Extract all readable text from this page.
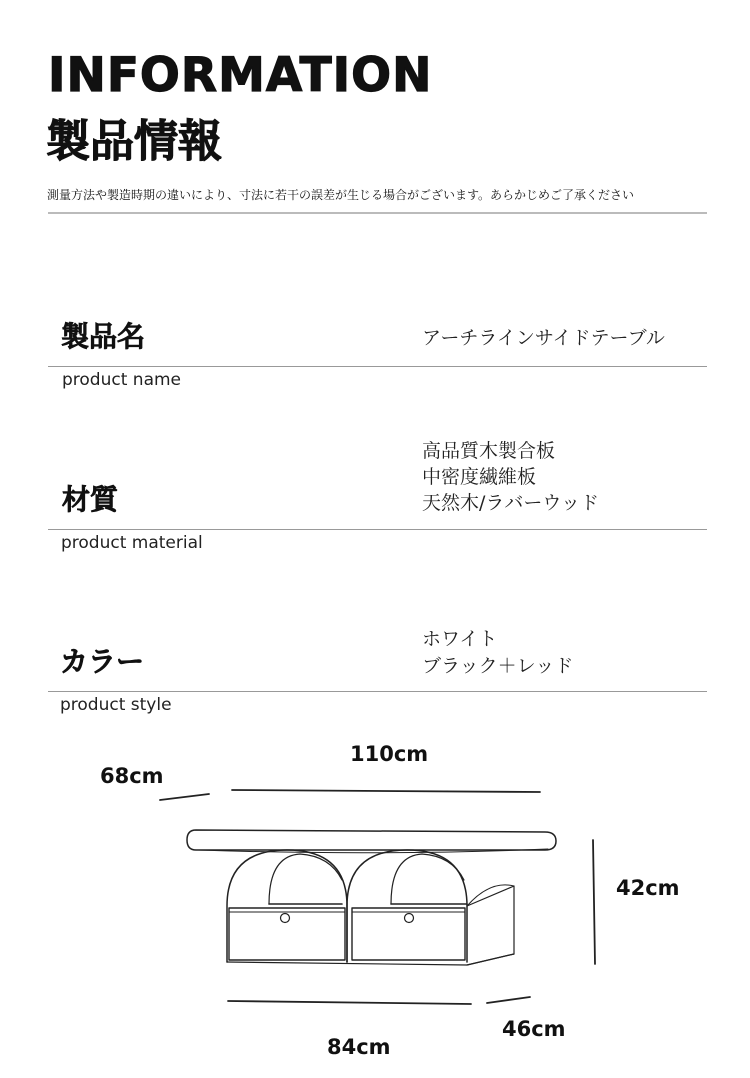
INFORMATION
製品情報
測量方法や製造時期の違いにより、寸法に若干の誤差が生じる場合がございます。あらかじめご了承ください
製品名	アーチラインサイドテーブル
product name
高品質木製合板
中密度繊維板
天然木/ラバーウッド
材質
product material
ホワイト
ブラック＋レッド
カラー
product style
110cm
68cm
42cm
46cm
84cm
